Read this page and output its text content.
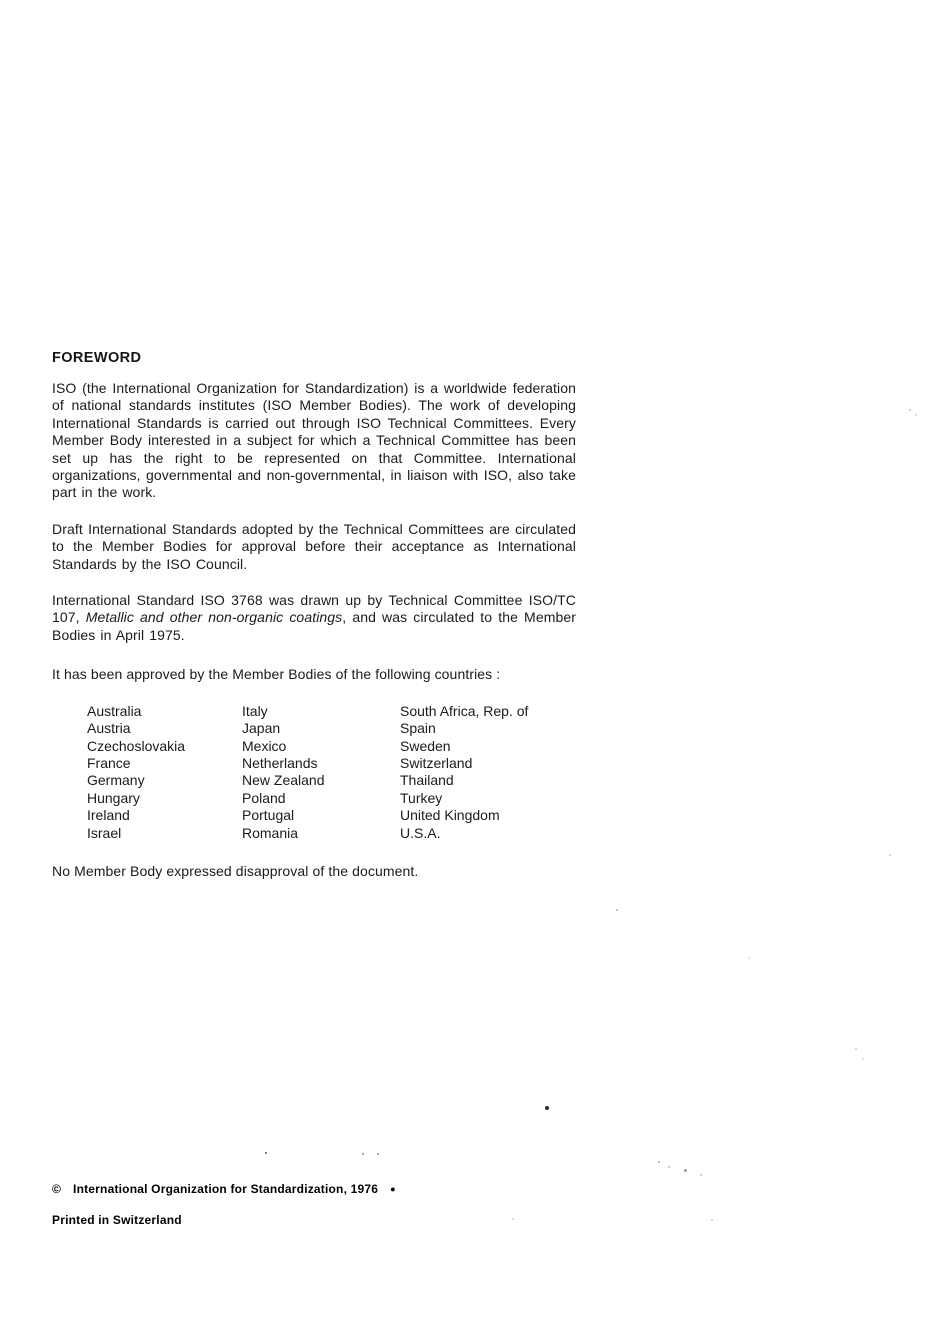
FOREWORD

ISO (the International Organization for Standardization) is a worldwide federation of national standards institutes (ISO Member Bodies). The work of developing International Standards is carried out through ISO Technical Committees. Every Member Body interested in a subject for which a Technical Committee has been set up has the right to be represented on that Committee. International organizations, governmental and non-governmental, in liaison with ISO, also take part in the work.

Draft International Standards adopted by the Technical Committees are circulated to the Member Bodies for approval before their acceptance as International Standards by the ISO Council.

International Standard ISO 3768 was drawn up by Technical Committee ISO/TC 107, Metallic and other non-organic coatings, and was circulated to the Member Bodies in April 1975.

It has been approved by the Member Bodies of the following countries :

Australia
Austria
Czechoslovakia
France
Germany
Hungary
Ireland
Israel
Italy
Japan
Mexico
Netherlands
New Zealand
Poland
Portugal
Romania
South Africa, Rep. of
Spain
Sweden
Switzerland
Thailand
Turkey
United Kingdom
U.S.A.

No Member Body expressed disapproval of the document.

© International Organization for Standardization, 1976 ●
Printed in Switzerland
